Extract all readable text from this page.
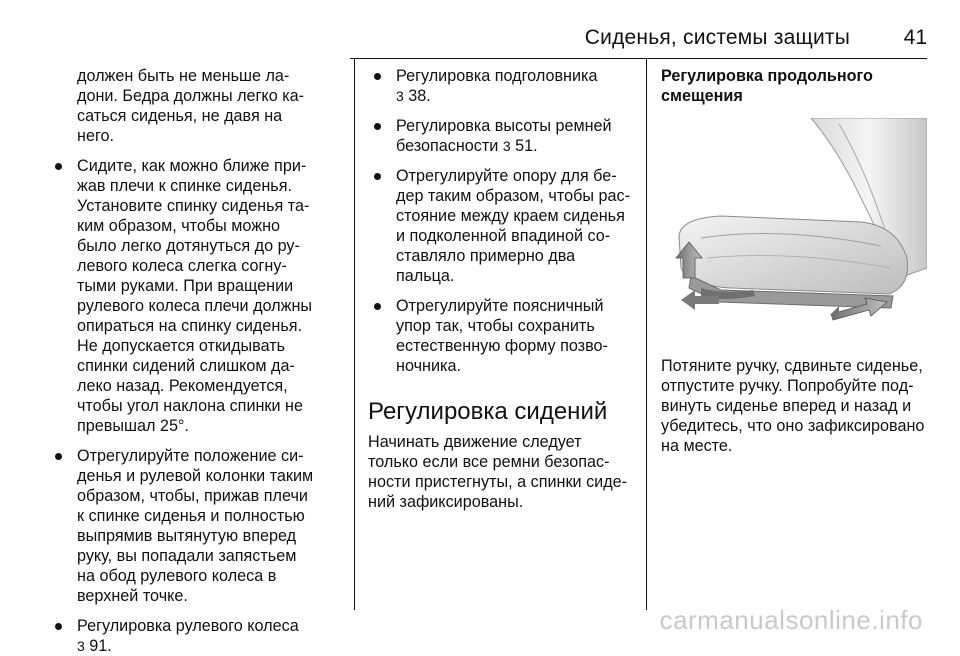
Сиденья, системы защиты	41
должен быть не меньше ла-
дони. Бедра должны легко ка-
саться сиденья, не давя на
него.
Сидите, как можно ближе при-
жав плечи к спинке сиденья.
Установите спинку сиденья та-
ким образом, чтобы можно
было легко дотянуться до ру-
левого колеса слегка согну-
тыми руками. При вращении
рулевого колеса плечи должны
опираться на спинку сиденья.
Не допускается откидывать
спинки сидений слишком да-
леко назад. Рекомендуется,
чтобы угол наклона спинки не
превышал 25°.
Отрегулируйте положение си-
денья и рулевой колонки таким
образом, чтобы, прижав плечи
к спинке сиденья и полностью
выпрямив вытянутую вперед
руку, вы попадали запястьем
на обод рулевого колеса в
верхней точке.
Регулировка рулевого колеса
3 91.
Регулировка подголовника
3 38.
Регулировка высоты ремней
безопасности 3 51.
Отрегулируйте опору для бе-
дер таким образом, чтобы рас-
стояние между краем сиденья
и подколенной впадиной со-
ставляло примерно два
пальца.
Отрегулируйте поясничный
упор так, чтобы сохранить
естественную форму позво-
ночника.
Регулировка сидений
Начинать движение следует
только если все ремни безопас-
ности пристегнуты, а спинки сиде-
ний зафиксированы.
Регулировка продольного
смещения
Потяните ручку, сдвиньте сиденье,
отпустите ручку. Попробуйте под-
винуть сиденье вперед и назад и
убедитесь, что оно зафиксировано
на месте.
carmanualsonline.info
